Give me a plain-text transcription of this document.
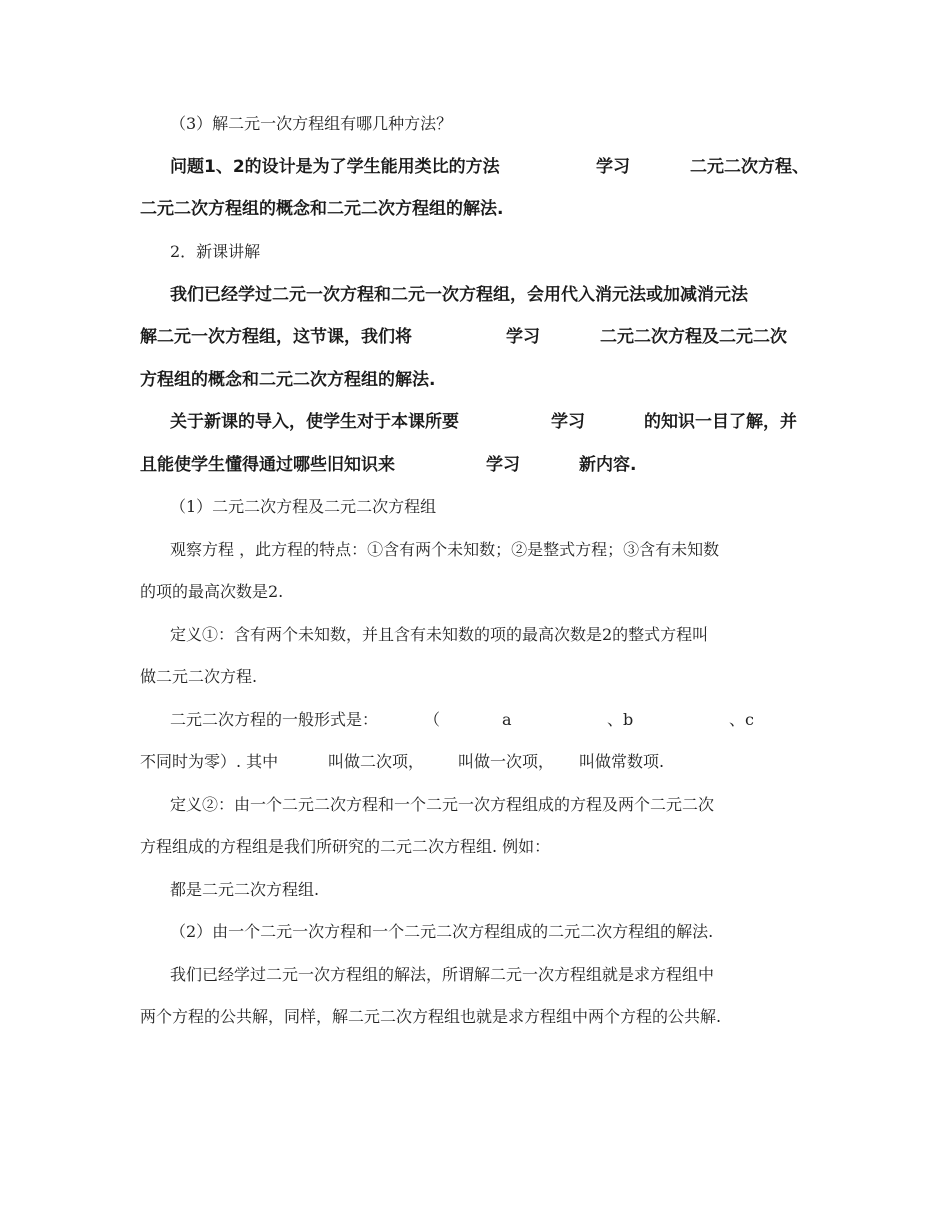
（3）解二元一次方程组有哪几种方法？
问题1、2的设计是为了学生能用类比的方法	学习	二元二次方程、
二元二次方程组的概念和二元二次方程组的解法.
2．新课讲解
我们已经学过二元一次方程和二元一次方程组，会用代入消元法或加减消元法
解二元一次方程组，这节课，我们将	学习	二元二次方程及二元二次
方程组的概念和二元二次方程组的解法.
关于新课的导入，使学生对于本课所要	学习	的知识一目了解，并
且能使学生懂得通过哪些旧知识来	学习	新内容.
（1）二元二次方程及二元二次方程组
观察方程 ，此方程的特点：①含有两个未知数；②是整式方程；③含有未知数
的项的最高次数是2.
定义①：含有两个未知数，并且含有未知数的项的最高次数是2的整式方程叫
做二元二次方程.
二元二次方程的一般形式是：	（	a	、b	、c
不同时为零）. 其中	叫做二次项， 叫做一次项， 叫做常数项.
定义②：由一个二元二次方程和一个二元一次方程组成的方程及两个二元二次
方程组成的方程组是我们所研究的二元二次方程组. 例如：
都是二元二次方程组.
（2）由一个二元一次方程和一个二元二次方程组成的二元二次方程组的解法.
我们已经学过二元一次方程组的解法，所谓解二元一次方程组就是求方程组中
两个方程的公共解，同样，解二元二次方程组也就是求方程组中两个方程的公共解.
